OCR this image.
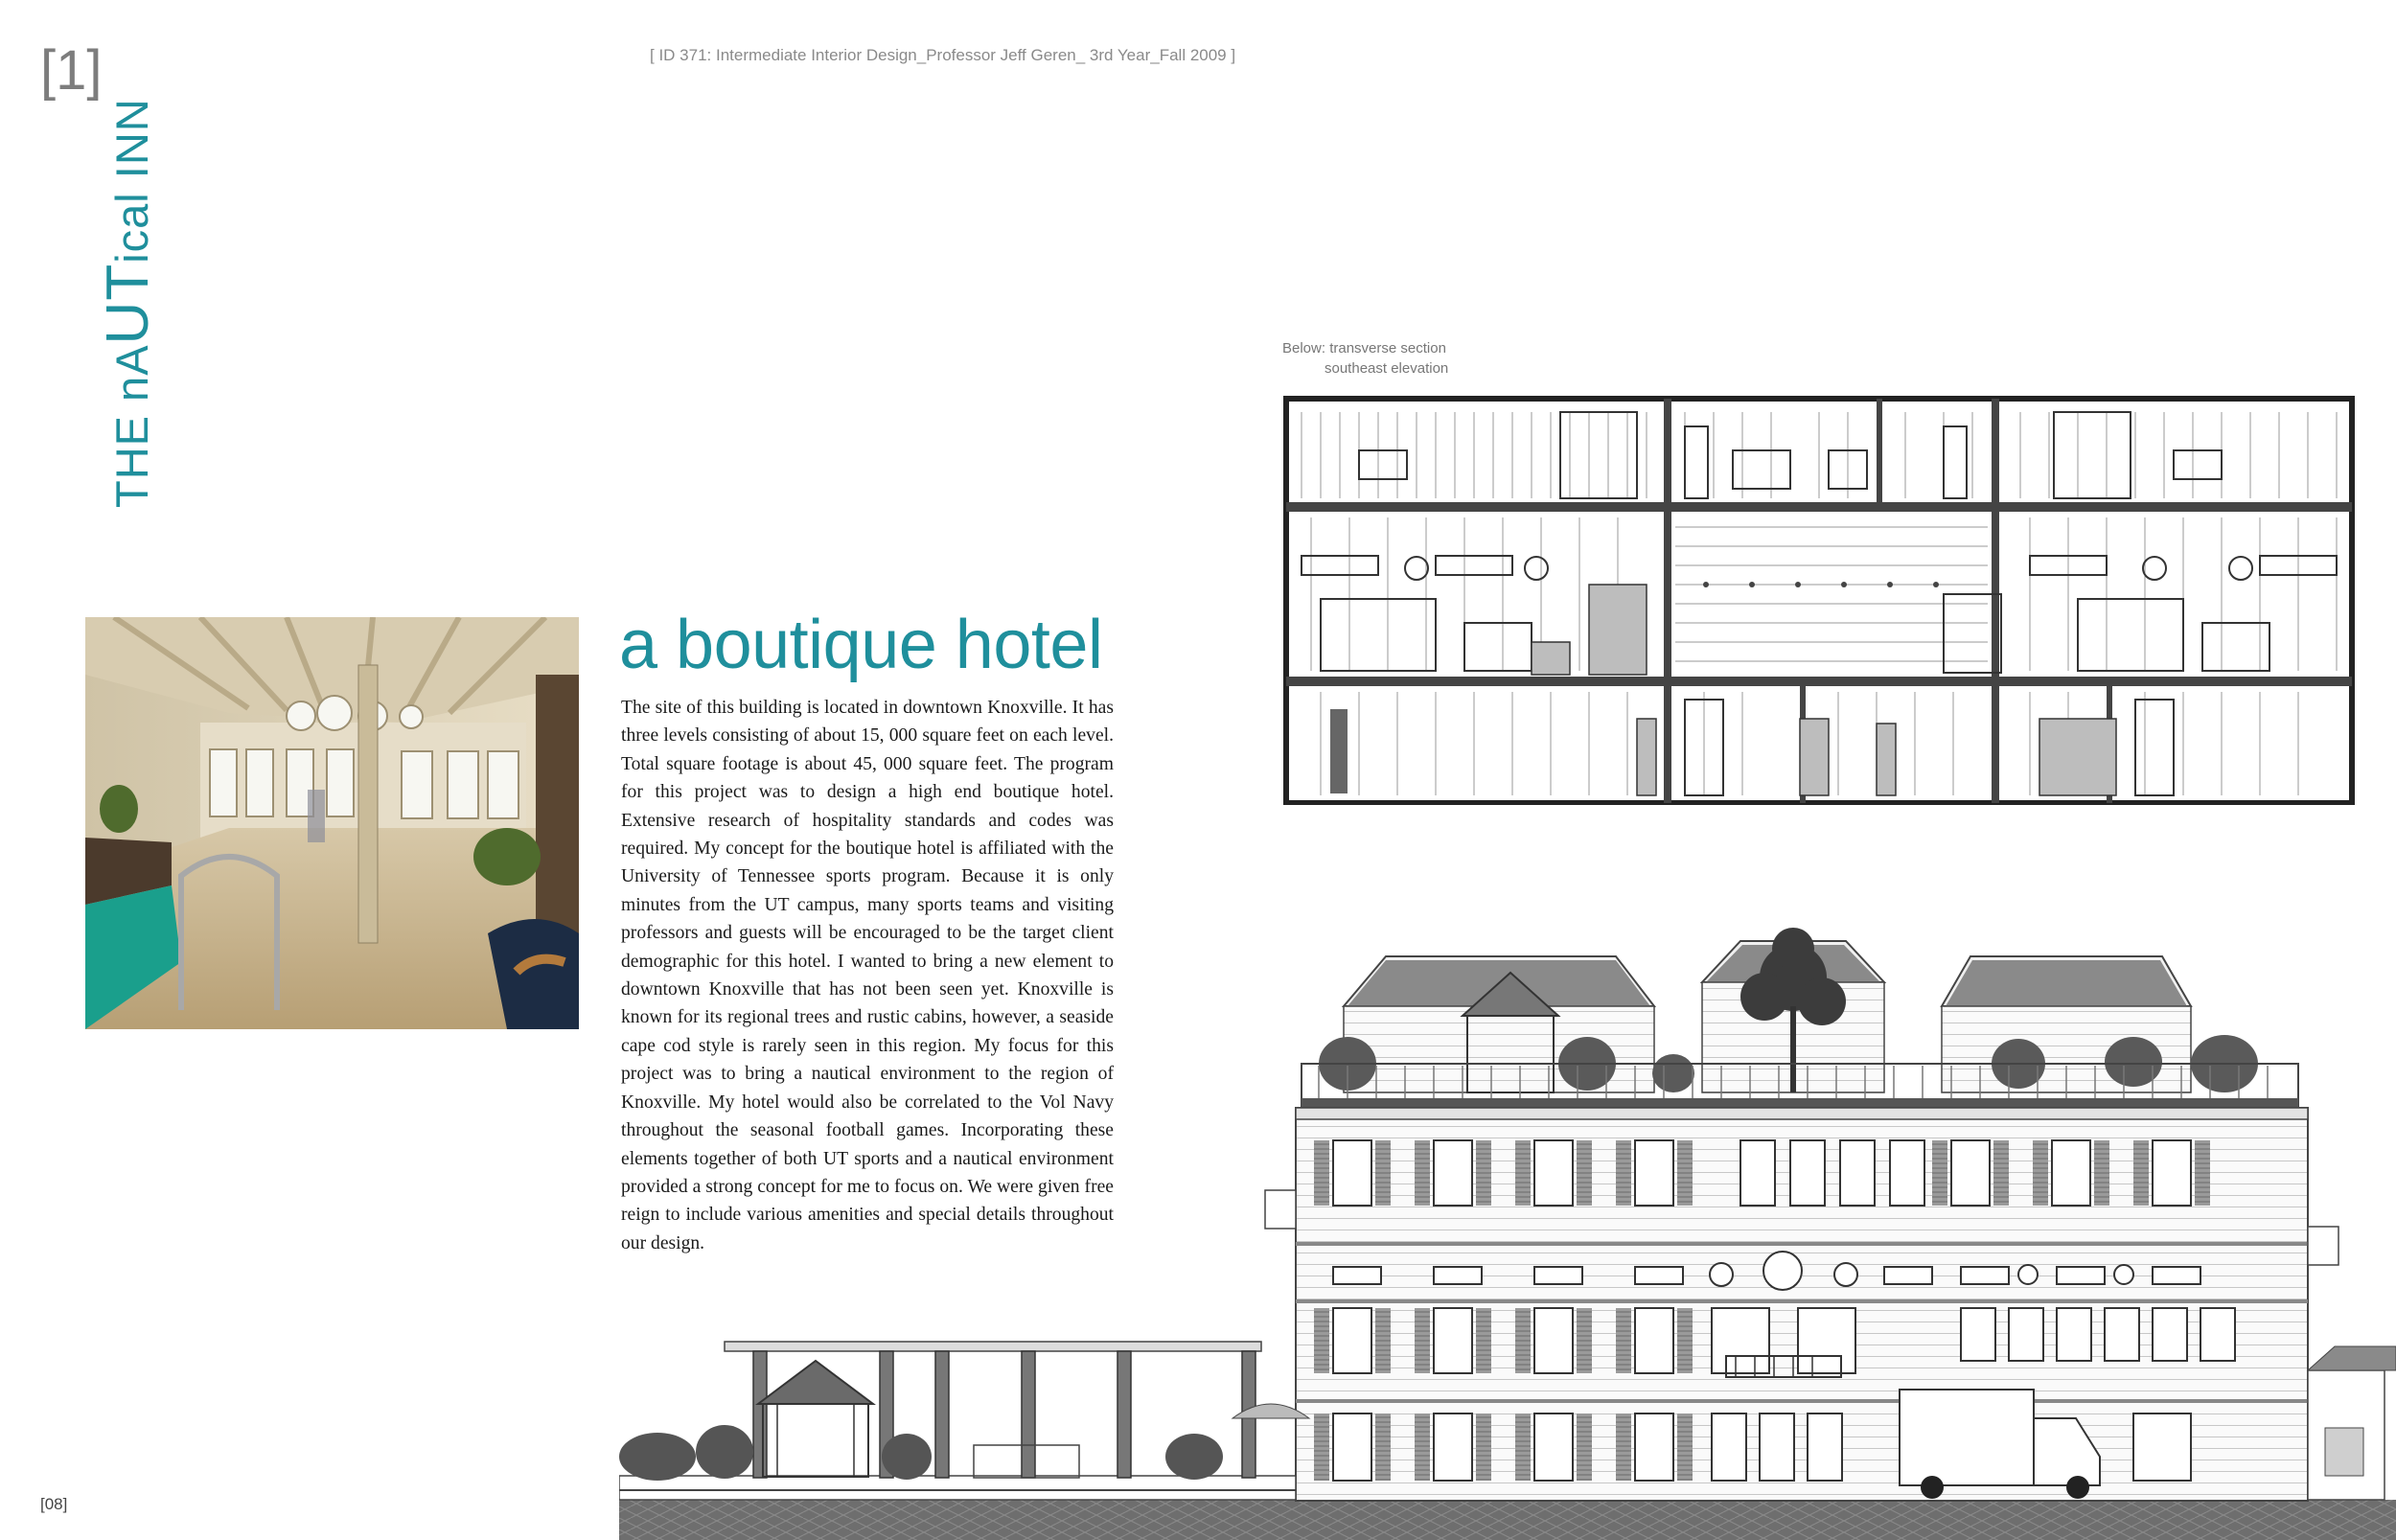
[1]
THE nAUTical INN
[ ID 371: Intermediate Interior Design_Professor Jeff Geren_ 3rd Year_Fall 2009 ]
Below: transverse section
southeast elevation
a boutique hotel
The site of this building is located in downtown Knoxville. It has three levels consisting of about 15, 000 square feet on each level. Total square footage is about 45, 000 square feet. The program for this project was to design a high end boutique hotel. Extensive research of hospitality standards and codes was required. My concept for the boutique hotel is affiliated with the University of Tennessee sports program. Because it is only minutes from the UT campus, many sports teams and visiting professors and guests will be encouraged to be the target client demographic for this hotel. I wanted to bring a new element to downtown Knoxville that has not been seen yet. Knoxville is known for its regional trees and rustic cabins, however, a seaside cape cod style is rarely seen in this region. My focus for this project was to bring a nautical environment to the region of Knoxville. My hotel would also be correlated to the Vol Navy throughout the seasonal football games. Incorporating these elements together of both UT sports and a nautical environment provided a strong concept for me to focus on. We were given free reign to include various amenities and special details throughout our design.
[08]
